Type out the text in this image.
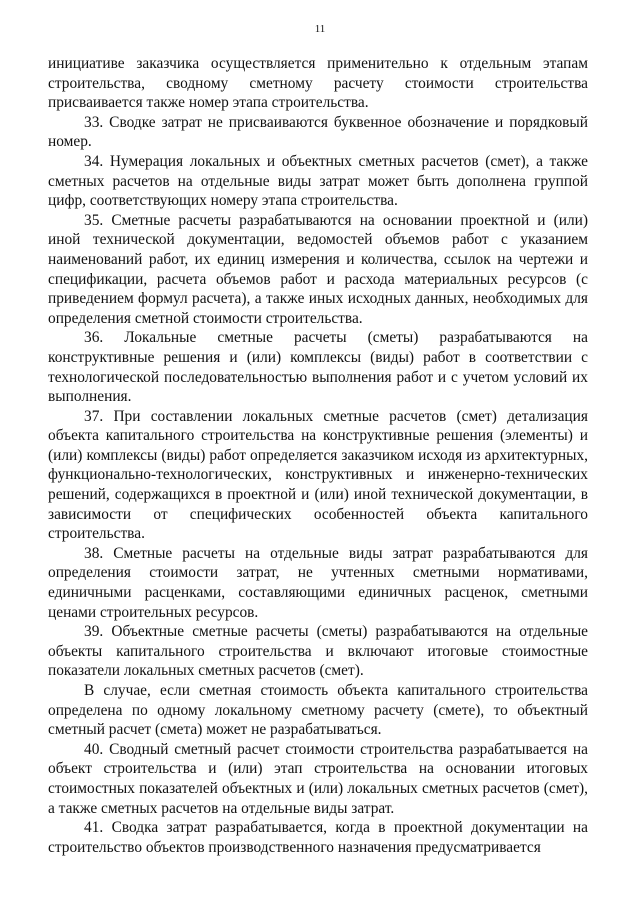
11

инициативе заказчика осуществляется применительно к отдельным этапам строительства, сводному сметному расчету стоимости строительства присваивается также номер этапа строительства.

33. Сводке затрат не присваиваются буквенное обозначение и порядковый номер.

34. Нумерация локальных и объектных сметных расчетов (смет), а также сметных расчетов на отдельные виды затрат может быть дополнена группой цифр, соответствующих номеру этапа строительства.

35. Сметные расчеты разрабатываются на основании проектной и (или) иной технической документации, ведомостей объемов работ с указанием наименований работ, их единиц измерения и количества, ссылок на чертежи и спецификации, расчета объемов работ и расхода материальных ресурсов (с приведением формул расчета), а также иных исходных данных, необходимых для определения сметной стоимости строительства.

36. Локальные сметные расчеты (сметы) разрабатываются на конструктивные решения и (или) комплексы (виды) работ в соответствии с технологической последовательностью выполнения работ и с учетом условий их выполнения.

37. При составлении локальных сметные расчетов (смет) детализация объекта капитального строительства на конструктивные решения (элементы) и (или) комплексы (виды) работ определяется заказчиком исходя из архитектурных, функционально-технологических, конструктивных и инженерно-технических решений, содержащихся в проектной и (или) иной технической документации, в зависимости от специфических особенностей объекта капитального строительства.

38. Сметные расчеты на отдельные виды затрат разрабатываются для определения стоимости затрат, не учтенных сметными нормативами, единичными расценками, составляющими единичных расценок, сметными ценами строительных ресурсов.

39. Объектные сметные расчеты (сметы) разрабатываются на отдельные объекты капитального строительства и включают итоговые стоимостные показатели локальных сметных расчетов (смет).

В случае, если сметная стоимость объекта капитального строительства определена по одному локальному сметному расчету (смете), то объектный сметный расчет (смета) может не разрабатываться.

40. Сводный сметный расчет стоимости строительства разрабатывается на объект строительства и (или) этап строительства на основании итоговых стоимостных показателей объектных и (или) локальных сметных расчетов (смет), а также сметных расчетов на отдельные виды затрат.

41. Сводка затрат разрабатывается, когда в проектной документации на строительство объектов производственного назначения предусматривается
